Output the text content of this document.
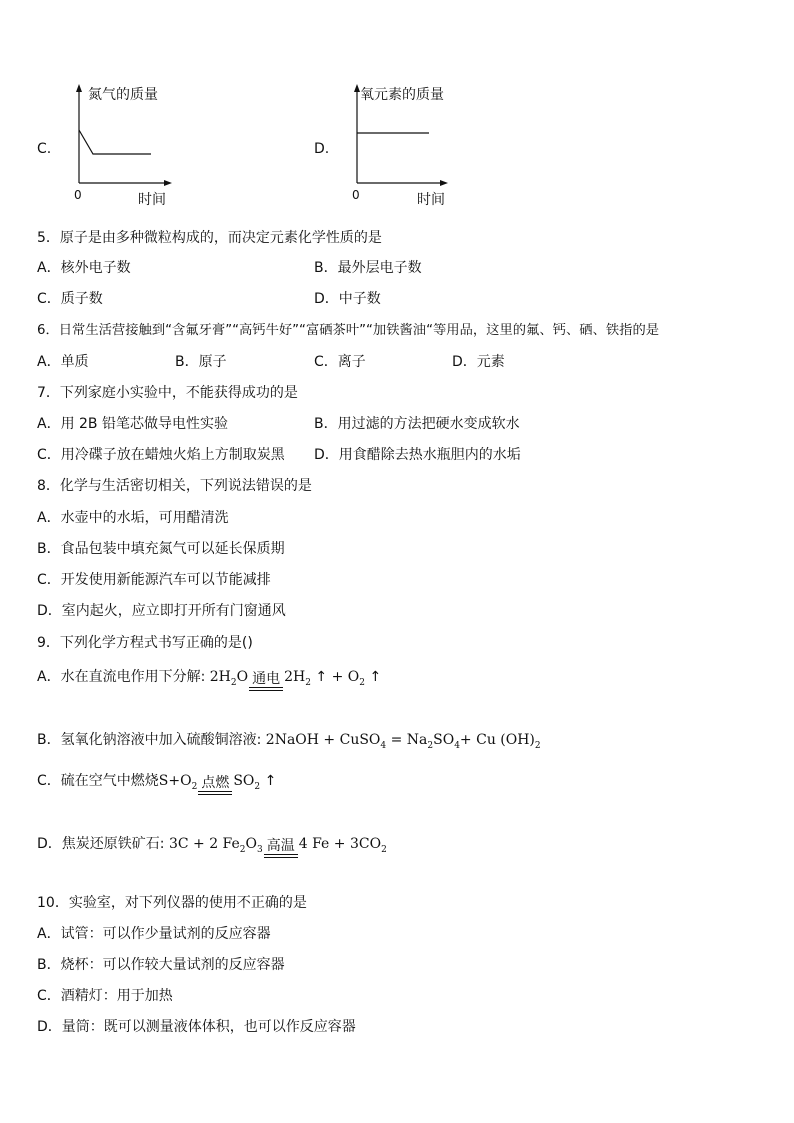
C.
氮气的质量
0	时间
D.
氧元素的质量
0	时间
5．原子是由多种微粒构成的，而决定元素化学性质的是
A．核外电子数	B．最外层电子数
C．质子数	D．中子数
6．日常生活营接触到“含氟牙膏”“高钙牛好”“富硒茶叶”“加铁酱油“等用品，这里的氟、钙、硒、铁指的是
A．单质	B．原子	C．离子	D．元素
7．下列家庭小实验中，不能获得成功的是
A．用 2B 铅笔芯做导电性实验	B．用过滤的方法把硬水变成软水
C．用冷碟子放在蜡烛火焰上方制取炭黑 D．用食醋除去热水瓶胆内的水垢
8．化学与生活密切相关，下列说法错误的是
A．水壶中的水垢，可用醋清洗
B．食品包装中填充氮气可以延长保质期
C．开发使用新能源汽车可以节能减排
D．室内起火，应立即打开所有门窗通风
9．下列化学方程式书写正确的是()
A．水在直流电作用下分解: $2H_2O$ 通电 $2H_2$ ↑ + $O_2$ ↑
B．氢氧化钠溶液中加入硫酸铜溶液: 2NaOH + CuSO$_4$ = $Na_2SO_4+ Cu$ $(OH)_2$
C．硫在空气中燃烧$S+O_2$ 点燃 $SO_2$ ↑
D．焦炭还原铁矿石: 3C + 2 $Fe_2O_3$ 高温 4 $Fe + 3CO_2$
10．实验室，对下列仪器的使用不正确的是
A．试管：可以作少量试剂的反应容器
B．烧杯：可以作较大量试剂的反应容器
C．酒精灯：用于加热
D．量筒：既可以测量液体体积，也可以作反应容器
